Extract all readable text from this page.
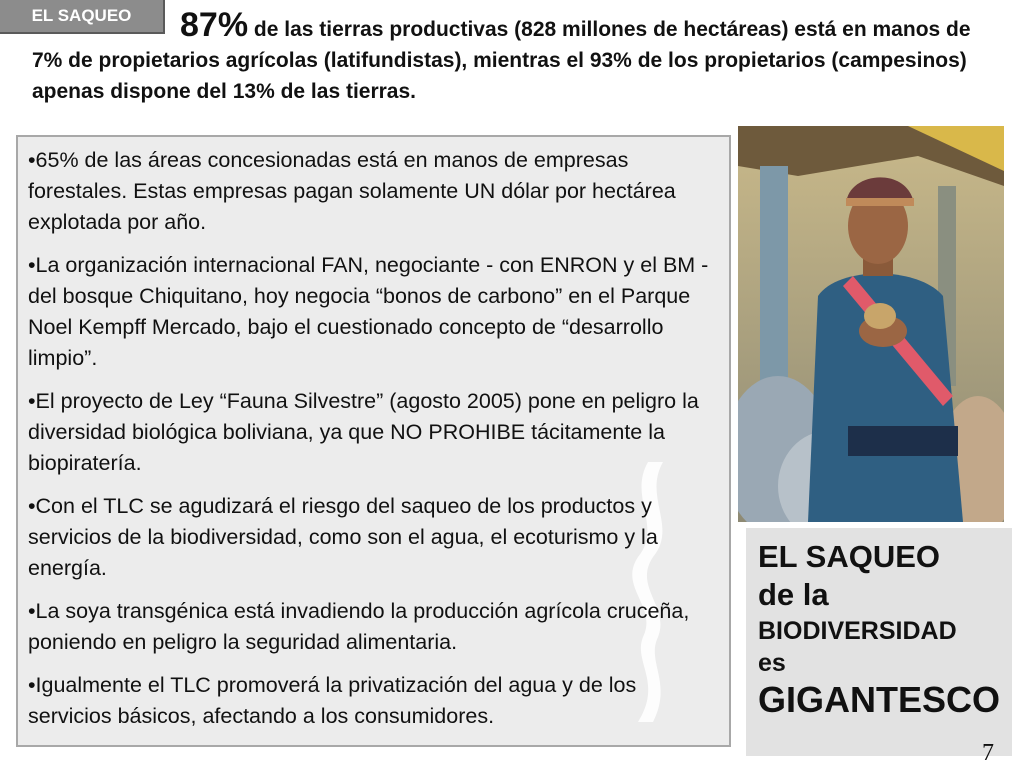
EL SAQUEO	87% de las tierras productivas (828 millones de hectáreas) está en manos de 7% de propietarios agrícolas (latifundistas), mientras el 93% de los propietarios (campesinos) apenas dispone del 13% de las tierras.

•65% de las áreas concesionadas está en manos de empresas forestales. Estas empresas pagan solamente UN dólar por hectárea explotada por año.

•La organización internacional FAN, negociante - con ENRON y el BM - del bosque Chiquitano, hoy negocia “bonos de carbono” en el Parque Noel Kempff Mercado, bajo el cuestionado concepto de “desarrollo limpio”.

•El proyecto de Ley “Fauna Silvestre” (agosto 2005) pone en peligro la diversidad biológica boliviana, ya que NO PROHIBE tácitamente la biopiratería.

•Con el TLC se agudizará el riesgo del saqueo de los productos y servicios de la biodiversidad, como son el agua, el ecoturismo y la energía.

•La soya transgénica está invadiendo la producción agrícola cruceña, poniendo en peligro la seguridad alimentaria.

•Igualmente el TLC promoverá la privatización del agua y de los servicios básicos, afectando a los consumidores.

EL SAQUEO
de la
BIODIVERSIDAD
es
GIGANTESCO
7
